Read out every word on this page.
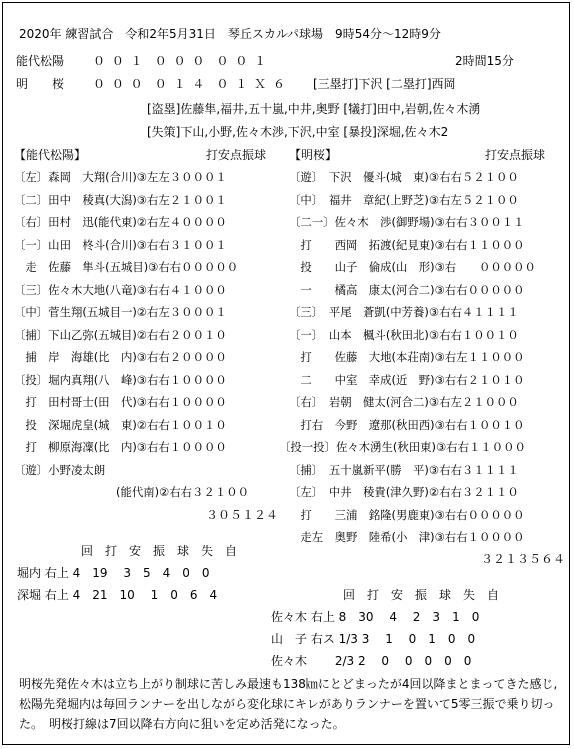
2020年 練習試合　令和2年5月31日　琴丘スカルパ球場　9時54分～12時9分
能代松陽 ０ ０ １  ０ ０ ０  ０ ０ １	2時間15分
明　　桜 ０ ０ ０  ０ １ ４  ０ １ Ｘ ６ [三塁打]下沢 [二塁打]西岡
[盗塁]佐藤隼,福井,五十嵐,中井,奥野 [犠打]田中,岩朝,佐々木湧
[失策]下山,小野,佐々木渉,下沢,中室 [暴投]深堀,佐々木2
【能代松陽】	打安点振球
〔左〕森岡　大翔(合川)③左左３０００１
〔二〕田中　稜真(大潟)③右左２１００１
〔右〕田村　迅(能代東)②右左４００００
〔一〕山田　柊斗(合川)③右右３１００１
　走　佐藤　隼斗(五城目)③右右０００００
〔三〕佐々木大地(八竜)③右右４１０００
〔中〕菅生翔(五城目一)②右左３０００１
〔捕〕下山乙弥(五城目)②右右２００１０
　捕　岸　海雄(比　内)③右右２００００
〔投〕堀内真翔(八　峰)③右右１００００
　打　田村哥士(田　代)③右右１００００
　投　深堀虎皇(城　東)②右右１００１０
　打　柳原海凜(比　内)③右右１００００
〔遊〕小野凌太朗
(能代南)②右右３２１００
３０５１２４
【明桜】	打安点振球
〔遊〕　下沢　優斗(城　東)③右右５２１００
〔中〕　福井　章紀(上野芝)③右左５２１００
〔二一〕佐々木　渉(御野場)③右右３００１１
　打　　西岡　拓渡(紀見東)③右右１１０００
　投　　山子　倫成(山　形)③右　　０００００
　一　　橘高　康太(河合二)③右右０００００
〔三〕　平尾　蒼凱(中芳養)③右右４１１１１
〔一〕　山本　楓斗(秋田北)③右右１００１０
　打　　佐藤　大地(本荘南)③右左１１０００
　二　　中室　幸成(近　野)③右右２１０１０
〔右〕　岩朝　健太(河合二)③右左２１０００
　打右　今野　遼那(秋田西)③右右１００１０
〔投一投〕佐々木湧生(秋田東)③右右１１０００
〔捕〕　五十嵐新平(勝　平)③右右３１１１１
〔左〕　中井　稜貴(津久野)②右右３２１１０
　打　　三浦　銘隆(男鹿東)③右右０００００
　走左　奥野　陸希(小　津)③右右１００００
３２１３５６４
回　打　安　振　球　失　自
堀内 右上 4　19　 3　5　4　0　0
深堀 右上 4　21　10　 1　0　6　4	回　打　安　振　球　失　自
佐々木 右上 8　30　 4　 2　3　1　0
山　子 右ス 1/3 3　 1　 0　1　0　0
佐々木　　 2/3 2　 0　 0　0　0　0
明桜先発佐々木は立ち上がり制球に苦しみ最速も138㎞にとどまったが4回以降まとまってきた感じ,松陽先発堀内は毎回ランナーを出しながら変化球にキレがありランナーを置いて5零三振で乗り切った。　明桜打線は7回以降右方向に狙いを定め活発になった。
